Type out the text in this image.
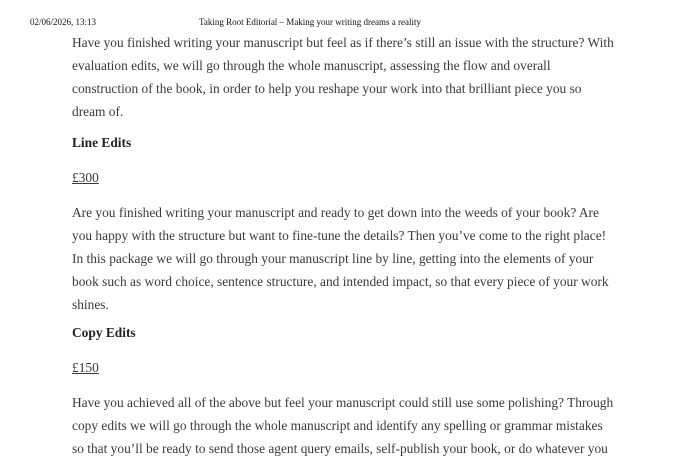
02/06/2026, 13:13	Taking Root Editorial – Making your writing dreams a reality

Have you finished writing your manuscript but feel as if there’s still an issue with the structure? With evaluation edits, we will go through the whole manuscript, assessing the flow and overall construction of the book, in order to help you reshape your work into that brilliant piece you so dream of.

Line Edits

£300

Are you finished writing your manuscript and ready to get down into the weeds of your book? Are you happy with the structure but want to fine-tune the details? Then you’ve come to the right place! In this package we will go through your manuscript line by line, getting into the elements of your book such as word choice, sentence structure, and intended impact, so that every piece of your work shines.

Copy Edits

£150

Have you achieved all of the above but feel your manuscript could still use some polishing? Through copy edits we will go through the whole manuscript and identify any spelling or grammar mistakes so that you’ll be ready to send those agent query emails, self-publish your book, or do whatever you
